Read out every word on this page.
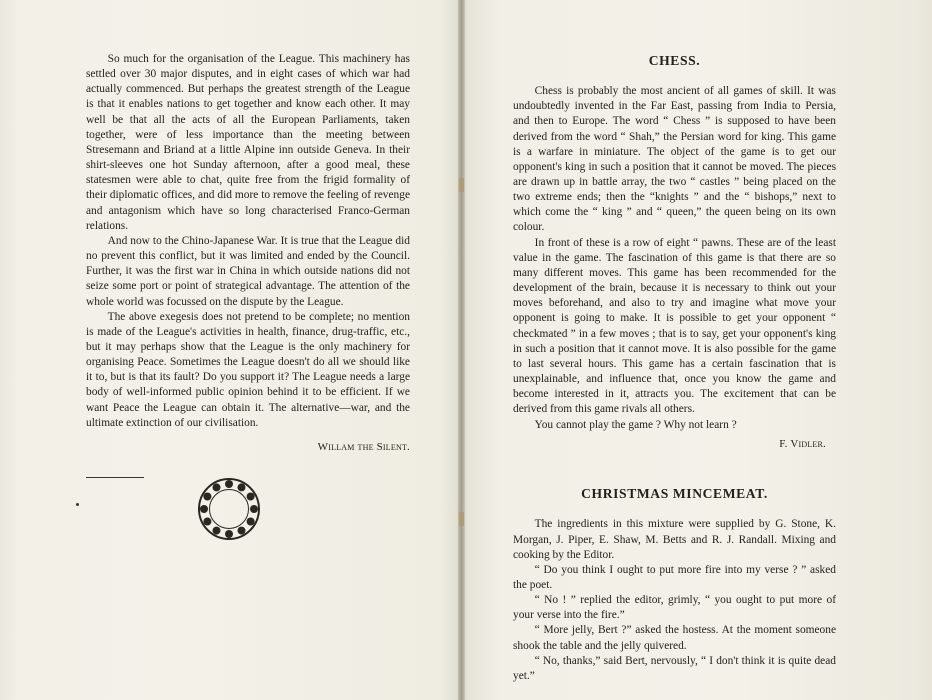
So much for the organisation of the League. This machinery has settled over 30 major disputes, and in eight cases of which war had actually commenced. But perhaps the greatest strength of the League is that it enables nations to get together and know each other. It may well be that all the acts of all the European Parliaments, taken together, were of less importance than the meeting between Stresemann and Briand at a little Alpine inn outside Geneva. In their shirt-sleeves one hot Sunday afternoon, after a good meal, these statesmen were able to chat, quite free from the frigid formality of their diplomatic offices, and did more to remove the feeling of revenge and antagonism which have so long characterised Franco-German relations.

And now to the Chino-Japanese War. It is true that the League did no prevent this conflict, but it was limited and ended by the Council. Further, it was the first war in China in which outside nations did not seize some port or point of strategical advantage. The attention of the whole world was focussed on the dispute by the League.

The above exegesis does not pretend to be complete; no mention is made of the League's activities in health, finance, drug-traffic, etc., but it may perhaps show that the League is the only machinery for organising Peace. Sometimes the League doesn't do all we should like it to, but is that its fault? Do you support it? The League needs a large body of well-informed public opinion behind it to be efficient. If we want Peace the League can obtain it. The alternative—war, and the ultimate extinction of our civilisation.

Willam the Silent.
CHESS.

Chess is probably the most ancient of all games of skill. It was undoubtedly invented in the Far East, passing from India to Persia, and then to Europe. The word “ Chess ” is supposed to have been derived from the word “ Shah,” the Persian word for king. This game is a warfare in miniature. The object of the game is to get our opponent's king in such a position that it cannot be moved. The pieces are drawn up in battle array, the two “ castles ” being placed on the two extreme ends; then the “knights ” and the “ bishops,” next to which come the “ king ” and “ queen,” the queen being on its own colour.

In front of these is a row of eight “ pawns. These are of the least value in the game. The fascination of this game is that there are so many different moves. This game has been recommended for the development of the brain, because it is necessary to think out your moves beforehand, and also to try and imagine what move your opponent is going to make. It is possible to get your opponent “ checkmated ” in a few moves ; that is to say, get your opponent's king in such a position that it cannot move. It is also possible for the game to last several hours. This game has a certain fascination that is unexplainable, and influence that, once you know the game and become interested in it, attracts you. The excitement that can be derived from this game rivals all others.

You cannot play the game ? Why not learn ?

F. Vidler.
CHRISTMAS MINCEMEAT.

The ingredients in this mixture were supplied by G. Stone, K. Morgan, J. Piper, E. Shaw, M. Betts and R. J. Randall. Mixing and cooking by the Editor.

“ Do you think I ought to put more fire into my verse ? ” asked the poet.

“ No ! ” replied the editor, grimly, “ you ought to put more of your verse into the fire.”

“ More jelly, Bert ?” asked the hostess. At the moment someone shook the table and the jelly quivered.

“ No, thanks,” said Bert, nervously, “ I don't think it is quite dead yet.”
